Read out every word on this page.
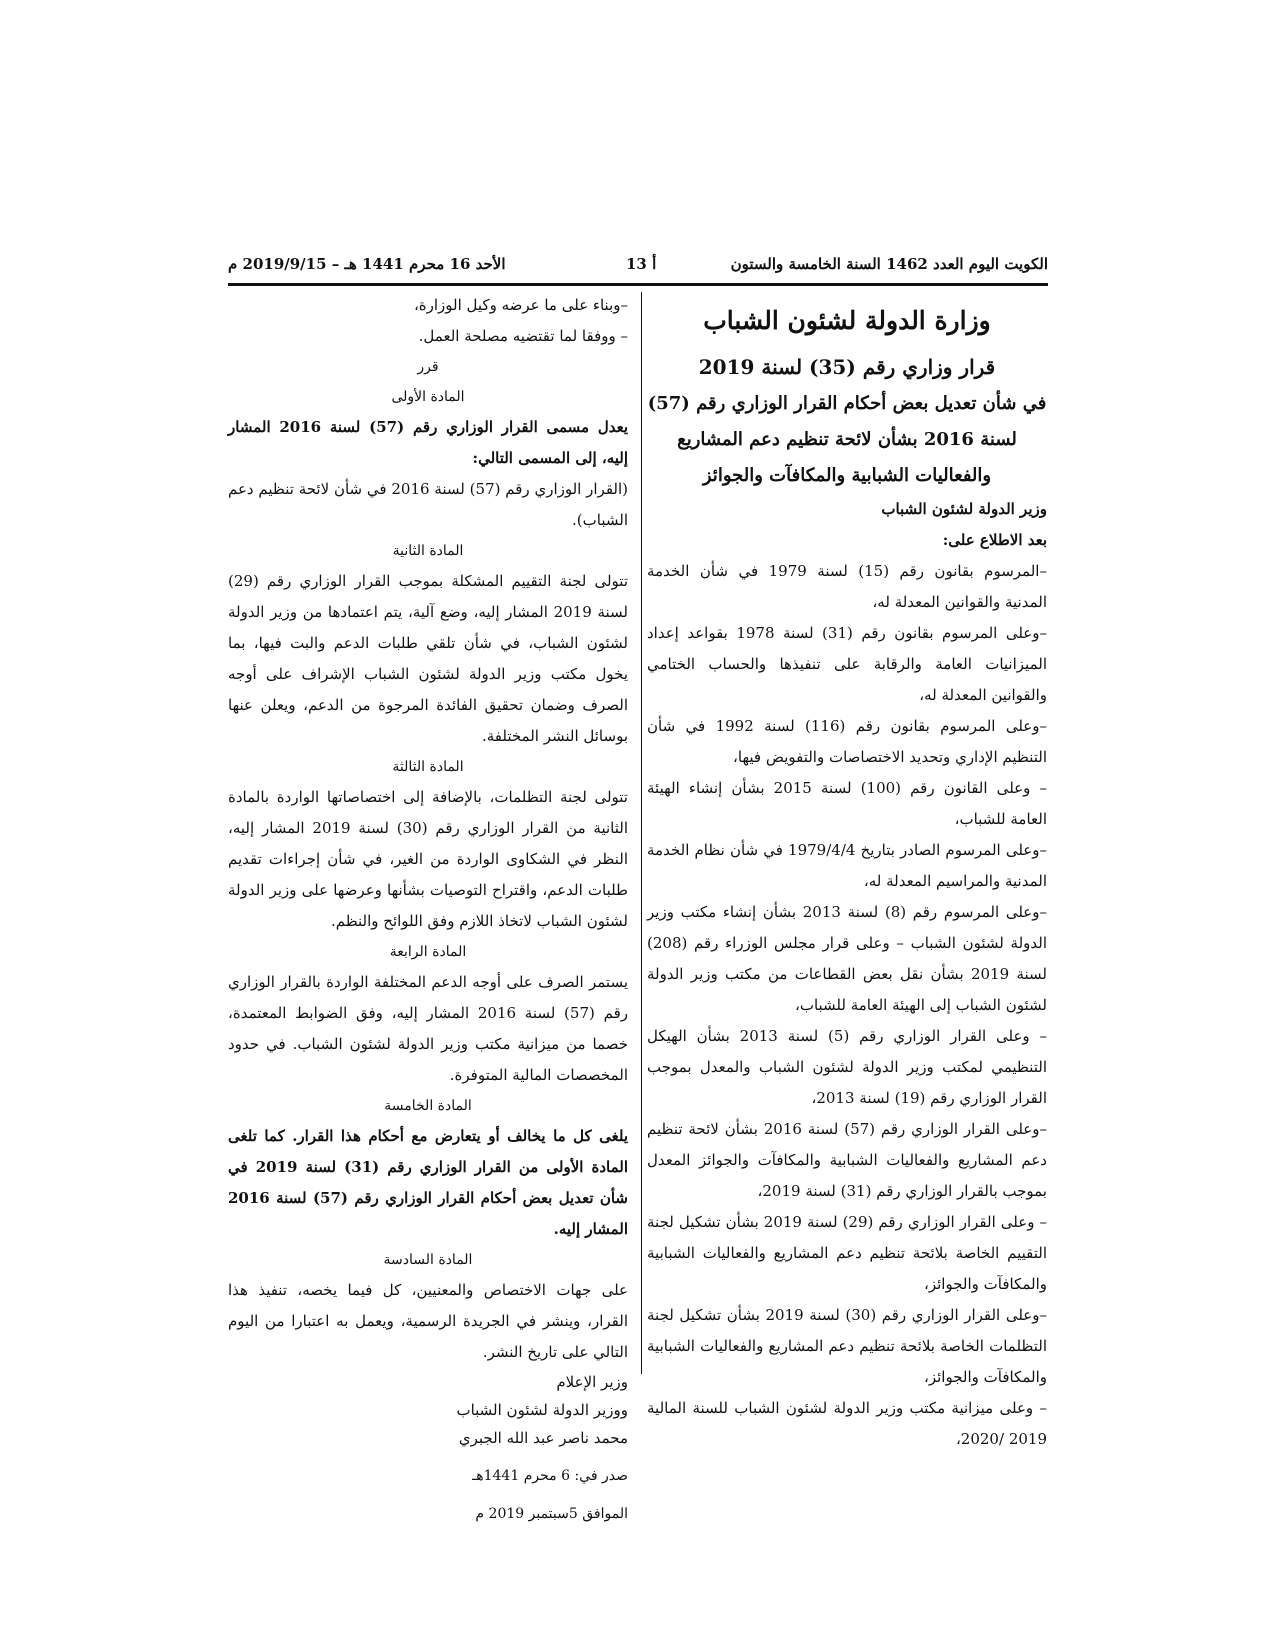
الكويت اليوم العدد 1462 السنة الخامسة والستون
أ 13
الأحد 16 محرم 1441 هـ – 2019/9/15 م

وزارة الدولة لشئون الشباب

قرار وزاري رقم (35) لسنة 2019

في شأن تعديل بعض أحكام القرار الوزاري رقم (57)

لسنة 2016 بشأن لائحة تنظيم دعم المشاريع

والفعاليات الشبابية والمكافآت والجوائز

وزير الدولة لشئون الشباب

بعد الاطلاع على:

–المرسوم بقانون رقم (15) لسنة 1979 في شأن الخدمة المدنية والقوانين المعدلة له،

–وعلى المرسوم بقانون رقم (31) لسنة 1978 بقواعد إعداد الميزانيات العامة والرقابة على تنفيذها والحساب الختامي والقوانين المعدلة له،

–وعلى المرسوم بقانون رقم (116) لسنة 1992 في شأن التنظيم الإداري وتحديد الاختصاصات والتفويض فيها،

– وعلى القانون رقم (100) لسنة 2015 بشأن إنشاء الهيئة العامة للشباب،

–وعلى المرسوم الصادر بتاريخ 1979/4/4 في شأن نظام الخدمة المدنية والمراسيم المعدلة له،

–وعلى المرسوم رقم (8) لسنة 2013 بشأن إنشاء مكتب وزير الدولة لشئون الشباب – وعلى قرار مجلس الوزراء رقم (208) لسنة 2019 بشأن نقل بعض القطاعات من مكتب وزير الدولة لشئون الشباب إلى الهيئة العامة للشباب،

– وعلى القرار الوزاري رقم (5) لسنة 2013 بشأن الهيكل التنظيمي لمكتب وزير الدولة لشئون الشباب والمعدل بموجب القرار الوزاري رقم (19) لسنة 2013،

–وعلى القرار الوزاري رقم (57) لسنة 2016 بشأن لائحة تنظيم دعم المشاريع والفعاليات الشبابية والمكافآت والجوائز المعدل بموجب بالقرار الوزاري رقم (31) لسنة 2019،

– وعلى القرار الوزاري رقم (29) لسنة 2019 بشأن تشكيل لجنة التقييم الخاصة بلائحة تنظيم دعم المشاريع والفعاليات الشبابية والمكافآت والجوائز،

–وعلى القرار الوزاري رقم (30) لسنة 2019 بشأن تشكيل لجنة التظلمات الخاصة بلائحة تنظيم دعم المشاريع والفعاليات الشبابية والمكافآت والجوائز،

– وعلى ميزانية مكتب وزير الدولة لشئون الشباب للسنة المالية 2019 /2020،

–وبناء على ما عرضه وكيل الوزارة،

– ووفقا لما تقتضيه مصلحة العمل.

قرر

المادة الأولى

يعدل مسمى القرار الوزاري رقم (57) لسنة 2016 المشار إليه، إلى المسمى التالي:

(القرار الوزاري رقم (57) لسنة 2016 في شأن لائحة تنظيم دعم الشباب).

المادة الثانية

تتولى لجنة التقييم المشكلة بموجب القرار الوزاري رقم (29) لسنة 2019 المشار إليه، وضع آلية، يتم اعتمادها من وزير الدولة لشئون الشباب، في شأن تلقي طلبات الدعم والبت فيها، بما يخول مكتب وزير الدولة لشئون الشباب الإشراف على أوجه الصرف وضمان تحقيق الفائدة المرجوة من الدعم، ويعلن عنها بوسائل النشر المختلفة.

المادة الثالثة

تتولى لجنة التظلمات، بالإضافة إلى اختصاصاتها الواردة بالمادة الثانية من القرار الوزاري رقم (30) لسنة 2019 المشار إليه، النظر في الشكاوى الواردة من الغير، في شأن إجراءات تقديم طلبات الدعم، واقتراح التوصيات بشأنها وعرضها على وزير الدولة لشئون الشباب لاتخاذ اللازم وفق اللوائح والنظم.

المادة الرابعة

يستمر الصرف على أوجه الدعم المختلفة الواردة بالقرار الوزاري رقم (57) لسنة 2016 المشار إليه، وفق الضوابط المعتمدة، خصما من ميزانية مكتب وزير الدولة لشئون الشباب. في حدود المخصصات المالية المتوفرة.

المادة الخامسة

يلغى كل ما يخالف أو يتعارض مع أحكام هذا القرار. كما تلغى المادة الأولى من القرار الوزاري رقم (31) لسنة 2019 في شأن تعديل بعض أحكام القرار الوزاري رقم (57) لسنة 2016 المشار إليه.

المادة السادسة

على جهات الاختصاص والمعنيين، كل فيما يخصه، تنفيذ هذا القرار، وينشر في الجريدة الرسمية، ويعمل به اعتبارا من اليوم التالي على تاريخ النشر.

وزير الإعلام

ووزير الدولة لشئون الشباب

محمد ناصر عبد الله الجبري

صدر في: 6 محرم 1441هـ

الموافق 5سبتمبر 2019 م
